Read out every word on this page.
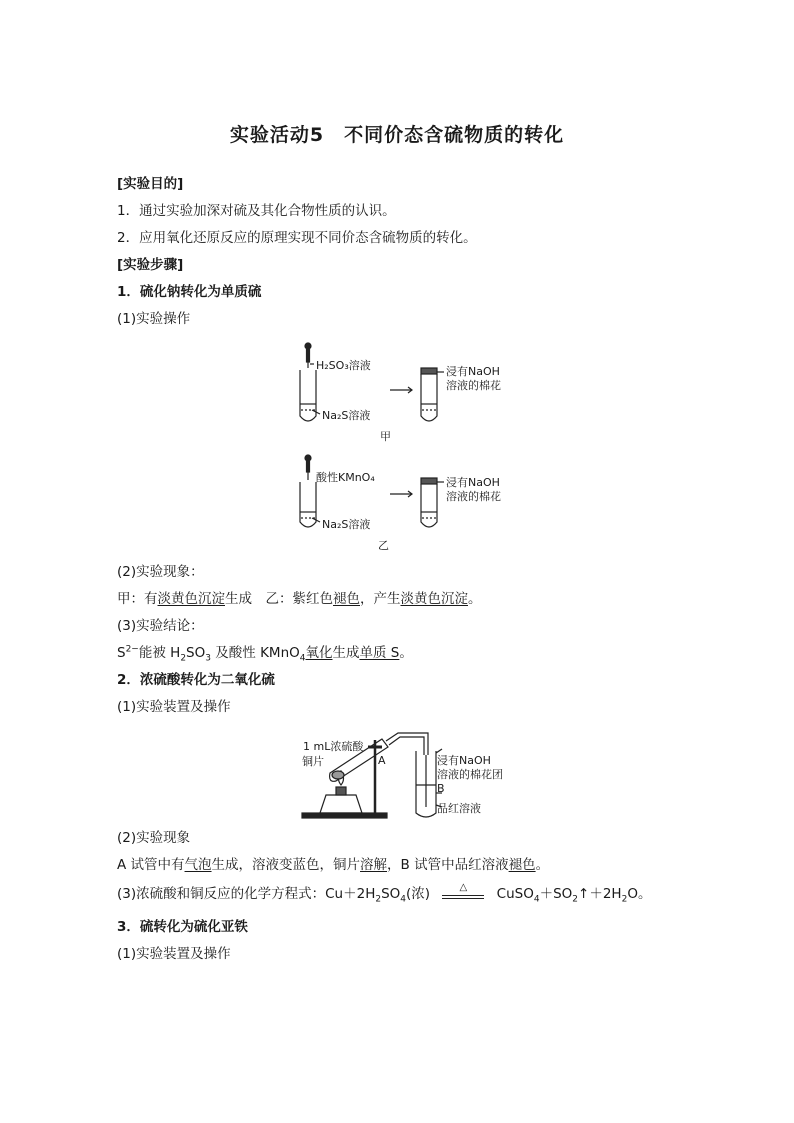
实验活动5　不同价态含硫物质的转化
[实验目的]
1．通过实验加深对硫及其化合物性质的认识。
2．应用氧化还原反应的原理实现不同价态含硫物质的转化。
[实验步骤]
1．硫化钠转化为单质硫
(1)实验操作
H₂SO₃溶液
Na₂S溶液
浸有NaOH
溶液的棉花
甲
酸性KMnO₄
Na₂S溶液
浸有NaOH
溶液的棉花
乙
(2)实验现象：
甲：有淡黄色沉淀生成　乙：紫红色褪色，产生淡黄色沉淀。
(3)实验结论：
$S^{2-}$能被 $H_2SO_3$ 及酸性 KMnO$_4$氧化生成单质 S。
2．浓硫酸转化为二氧化硫
(1)实验装置及操作
1 mL浓硫酸
铜片	A	浸有NaOH
溶液的棉花团
B
品红溶液
(2)实验现象
A 试管中有气泡生成，溶液变蓝色，铜片溶解，B 试管中品红溶液褪色。
(3)浓硫酸和铜反应的化学方程式：$Cu+2H_2SO_4$(浓)	△	$CuSO_4+SO_2↑+2H_2O$。
3．硫转化为硫化亚铁
(1)实验装置及操作
